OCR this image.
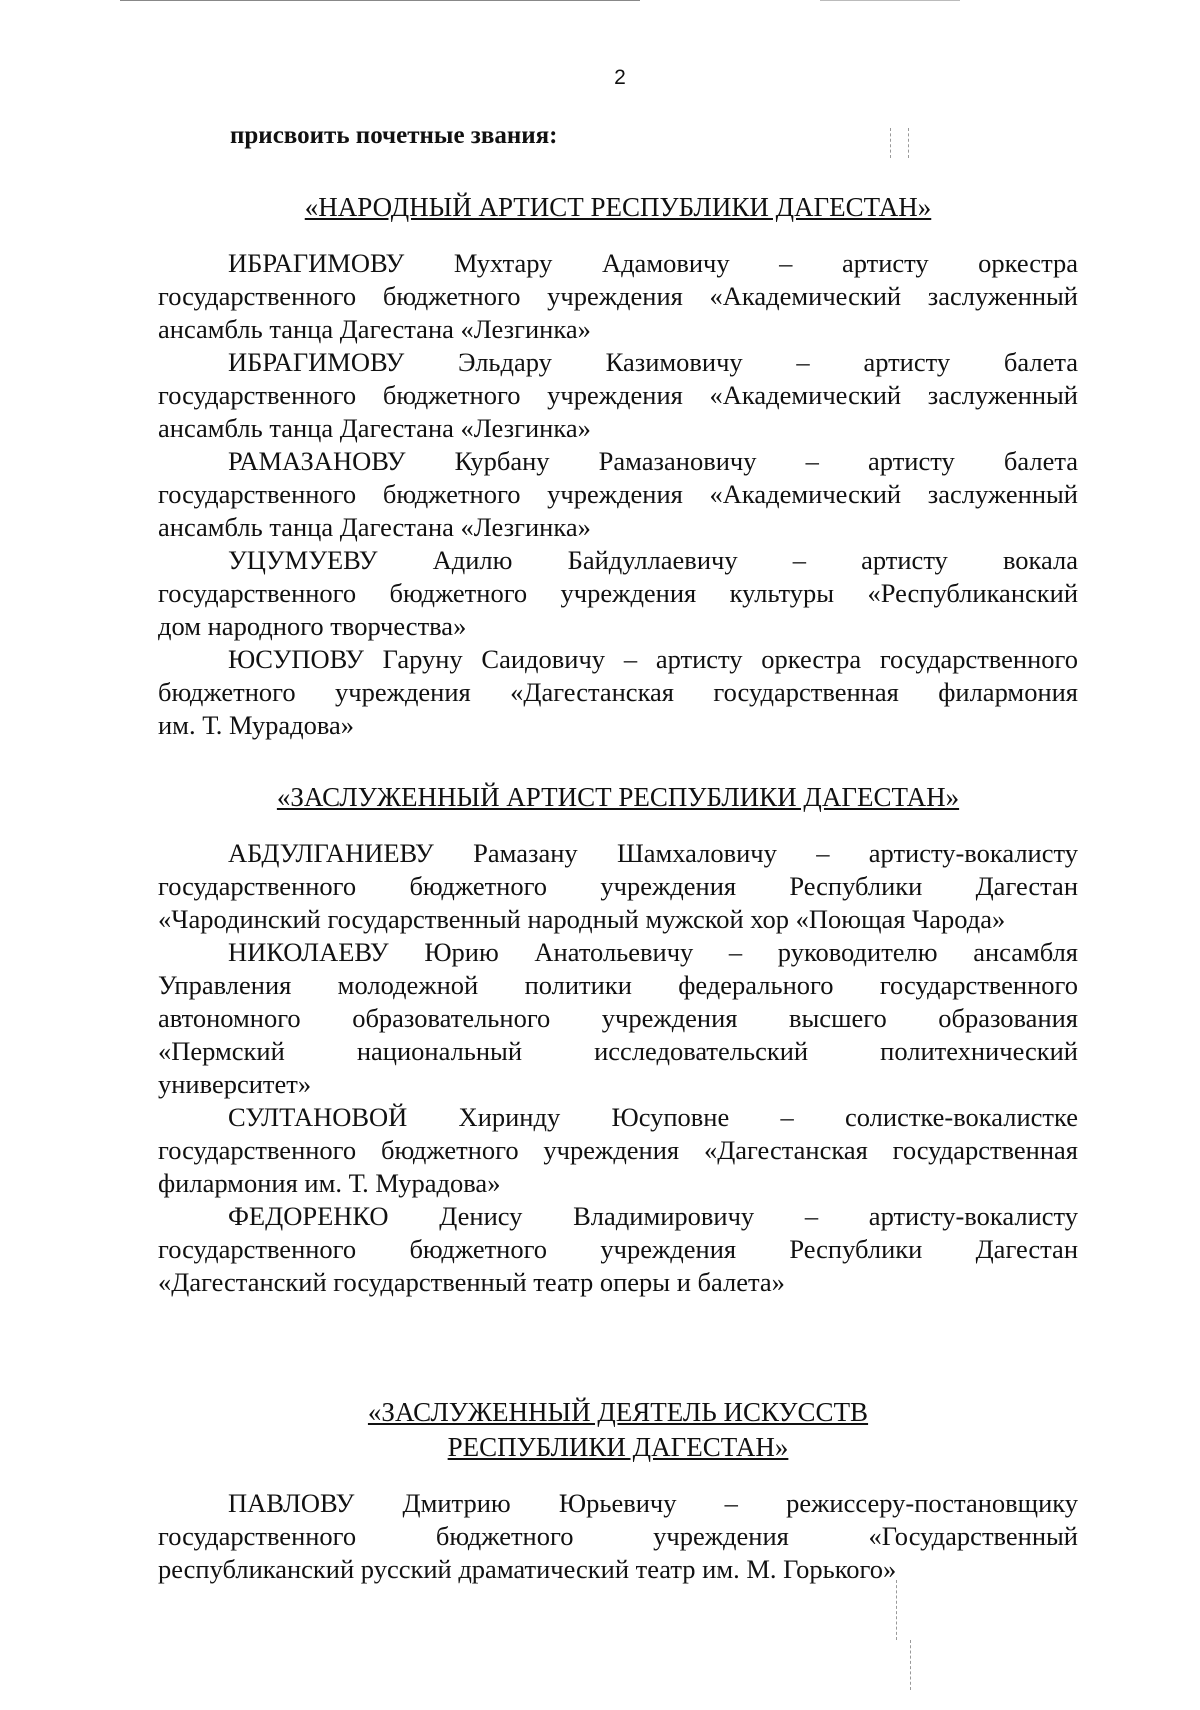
2
присвоить почетные звания:
«НАРОДНЫЙ АРТИСТ РЕСПУБЛИКИ ДАГЕСТАН»
ИБРАГИМОВУ Мухтару Адамовичу – артисту оркестра
государственного бюджетного учреждения «Академический заслуженный
ансамбль танца Дагестана «Лезгинка»
ИБРАГИМОВУ Эльдару Казимовичу – артисту балета
государственного бюджетного учреждения «Академический заслуженный
ансамбль танца Дагестана «Лезгинка»
РАМАЗАНОВУ Курбану Рамазановичу – артисту балета
государственного бюджетного учреждения «Академический заслуженный
ансамбль танца Дагестана «Лезгинка»
УЦУМУЕВУ Адилю Байдуллаевичу – артисту вокала
государственного бюджетного учреждения культуры «Республиканский
дом народного творчества»
ЮСУПОВУ Гаруну Саидовичу – артисту оркестра государственного
бюджетного учреждения «Дагестанская государственная филармония
им. Т. Мурадова»
«ЗАСЛУЖЕННЫЙ АРТИСТ РЕСПУБЛИКИ ДАГЕСТАН»
АБДУЛГАНИЕВУ Рамазану Шамхаловичу – артисту-вокалисту
государственного бюджетного учреждения Республики Дагестан
«Чародинский государственный народный мужской хор «Поющая Чарода»
НИКОЛАЕВУ Юрию Анатольевичу – руководителю ансамбля
Управления молодежной политики федерального государственного
автономного образовательного учреждения высшего образования
«Пермский национальный исследовательский политехнический
университет»
СУЛТАНОВОЙ Хиринду Юсуповне – солистке-вокалистке
государственного бюджетного учреждения «Дагестанская государственная
филармония им. Т. Мурадова»
ФЕДОРЕНКО Денису Владимировичу – артисту-вокалисту
государственного бюджетного учреждения Республики Дагестан
«Дагестанский государственный театр оперы и балета»
«ЗАСЛУЖЕННЫЙ ДЕЯТЕЛЬ ИСКУССТВ
РЕСПУБЛИКИ ДАГЕСТАН»
ПАВЛОВУ Дмитрию Юрьевичу – режиссеру-постановщику
государственного бюджетного учреждения «Государственный
республиканский русский драматический театр им. М. Горького»
